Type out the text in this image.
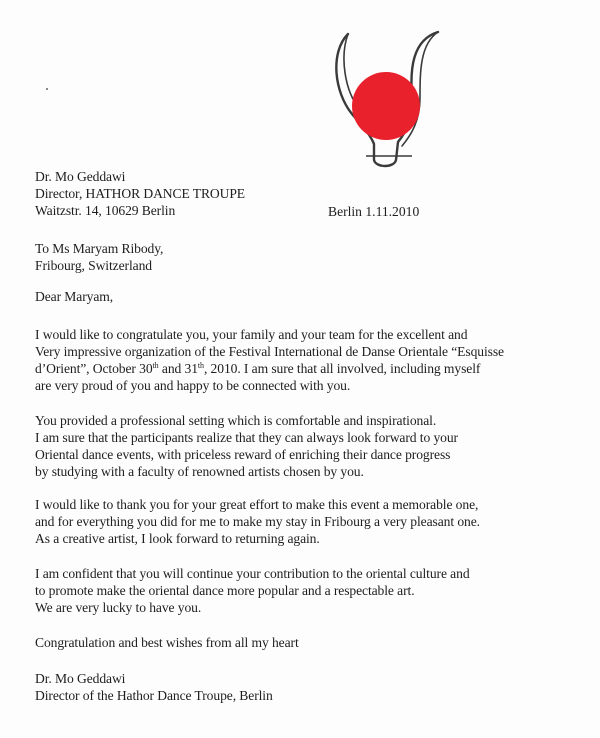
Dr. Mo Geddawi
Director, HATHOR DANCE TROUPE
Waitzstr. 14, 10629 Berlin	Berlin 1.11.2010
To Ms Maryam Ribody,
Fribourg, Switzerland
Dear Maryam,
I would like to congratulate you, your family and your team for the excellent and
Very impressive organization of the Festival International de Danse Orientale “Esquisse
d’Orient”, October 30th and 31th, 2010. I am sure that all involved, including myself
are very proud of you and happy to be connected with you.
You provided a professional setting which is comfortable and inspirational.
I am sure that the participants realize that they can always look forward to your
Oriental dance events, with priceless reward of enriching their dance progress
by studying with a faculty of renowned artists chosen by you.
I would like to thank you for your great effort to make this event a memorable one,
and for everything you did for me to make my stay in Fribourg a very pleasant one.
As a creative artist, I look forward to returning again.
I am confident that you will continue your contribution to the oriental culture and
to promote make the oriental dance more popular and a respectable art.
We are very lucky to have you.
Congratulation and best wishes from all my heart
Dr. Mo Geddawi
Director of the Hathor Dance Troupe, Berlin
